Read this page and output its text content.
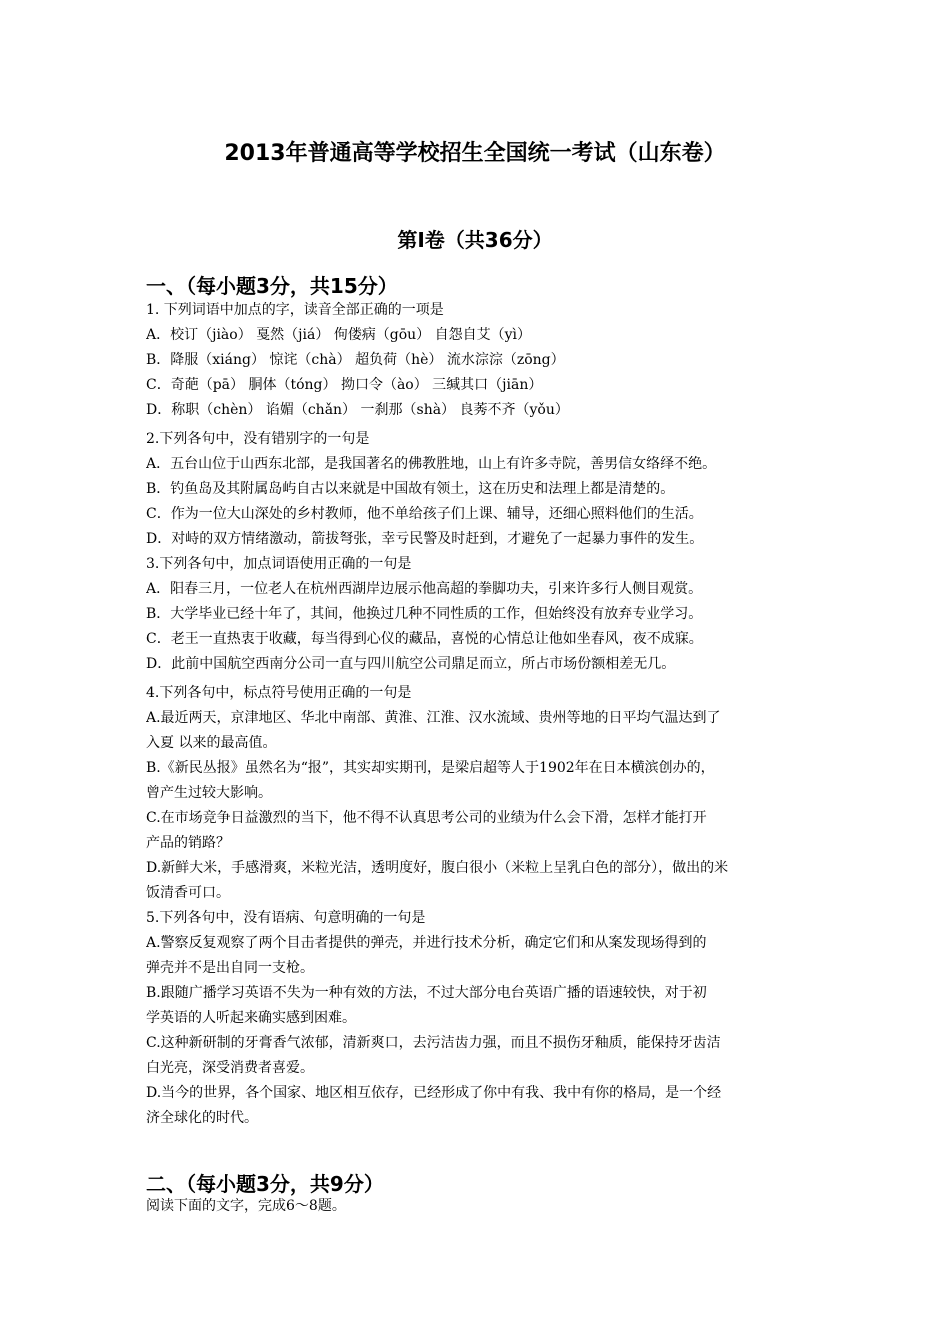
2013年普通高等学校招生全国统一考试（山东卷）
第Ⅰ卷（共36分）
一、（每小题3分，共15分）
1. 下列词语中加点的字，读音全部正确的一项是
A．校订（jiào） 戛然（jiá） 佝偻病（gōu） 自怨自艾（yì）
B．降服（xiáng） 惊诧（chà） 超负荷（hè） 流水淙淙（zōng）
C．奇葩（pā） 胴体（tóng） 拗口令（ào） 三缄其口（jiān）
D．称职（chèn） 谄媚（chǎn） 一刹那（shà） 良莠不齐（yǒu）
2.下列各句中，没有错别字的一句是
A．五台山位于山西东北部，是我国著名的佛教胜地，山上有许多寺院，善男信女络绎不绝。
B．钓鱼岛及其附属岛屿自古以来就是中国故有领土，这在历史和法理上都是清楚的。
C．作为一位大山深处的乡村教师，他不单给孩子们上课、辅导，还细心照料他们的生活。
D．对峙的双方情绪激动，箭拔弩张，幸亏民警及时赶到，才避免了一起暴力事件的发生。
3.下列各句中，加点词语使用正确的一句是
A．阳春三月，一位老人在杭州西湖岸边展示他高超的拳脚功夫，引来许多行人侧目观赏。
B．大学毕业已经十年了，其间，他换过几种不同性质的工作，但始终没有放弃专业学习。
C．老王一直热衷于收藏，每当得到心仪的藏品，喜悦的心情总让他如坐春风，夜不成寐。
D．此前中国航空西南分公司一直与四川航空公司鼎足而立，所占市场份额相差无几。
4.下列各句中，标点符号使用正确的一句是
A.最近两天，京津地区、华北中南部、黄淮、江淮、汉水流域、贵州等地的日平均气温达到了
入夏 以来的最高值。
B.《新民丛报》虽然名为“报”，其实却实期刊，是梁启超等人于1902年在日本横滨创办的，
曾产生过较大影响。
C.在市场竞争日益激烈的当下，他不得不认真思考公司的业绩为什么会下滑，怎样才能打开
产品的销路？
D.新鲜大米，手感滑爽，米粒光洁，透明度好，腹白很小（米粒上呈乳白色的部分），做出的米
饭清香可口。
5.下列各句中，没有语病、句意明确的一句是
A.警察反复观察了两个目击者提供的弹壳，并进行技术分析，确定它们和从案发现场得到的
弹壳并不是出自同一支枪。
B.跟随广播学习英语不失为一种有效的方法，不过大部分电台英语广播的语速较快，对于初
学英语的人听起来确实感到困难。
C.这种新研制的牙膏香气浓郁，清新爽口，去污洁齿力强，而且不损伤牙釉质，能保持牙齿洁
白光亮，深受消费者喜爱。
D.当今的世界，各个国家、地区相互依存，已经形成了你中有我、我中有你的格局，是一个经
济全球化的时代。
二、（每小题3分，共9分）
阅读下面的文字，完成6～8题。
